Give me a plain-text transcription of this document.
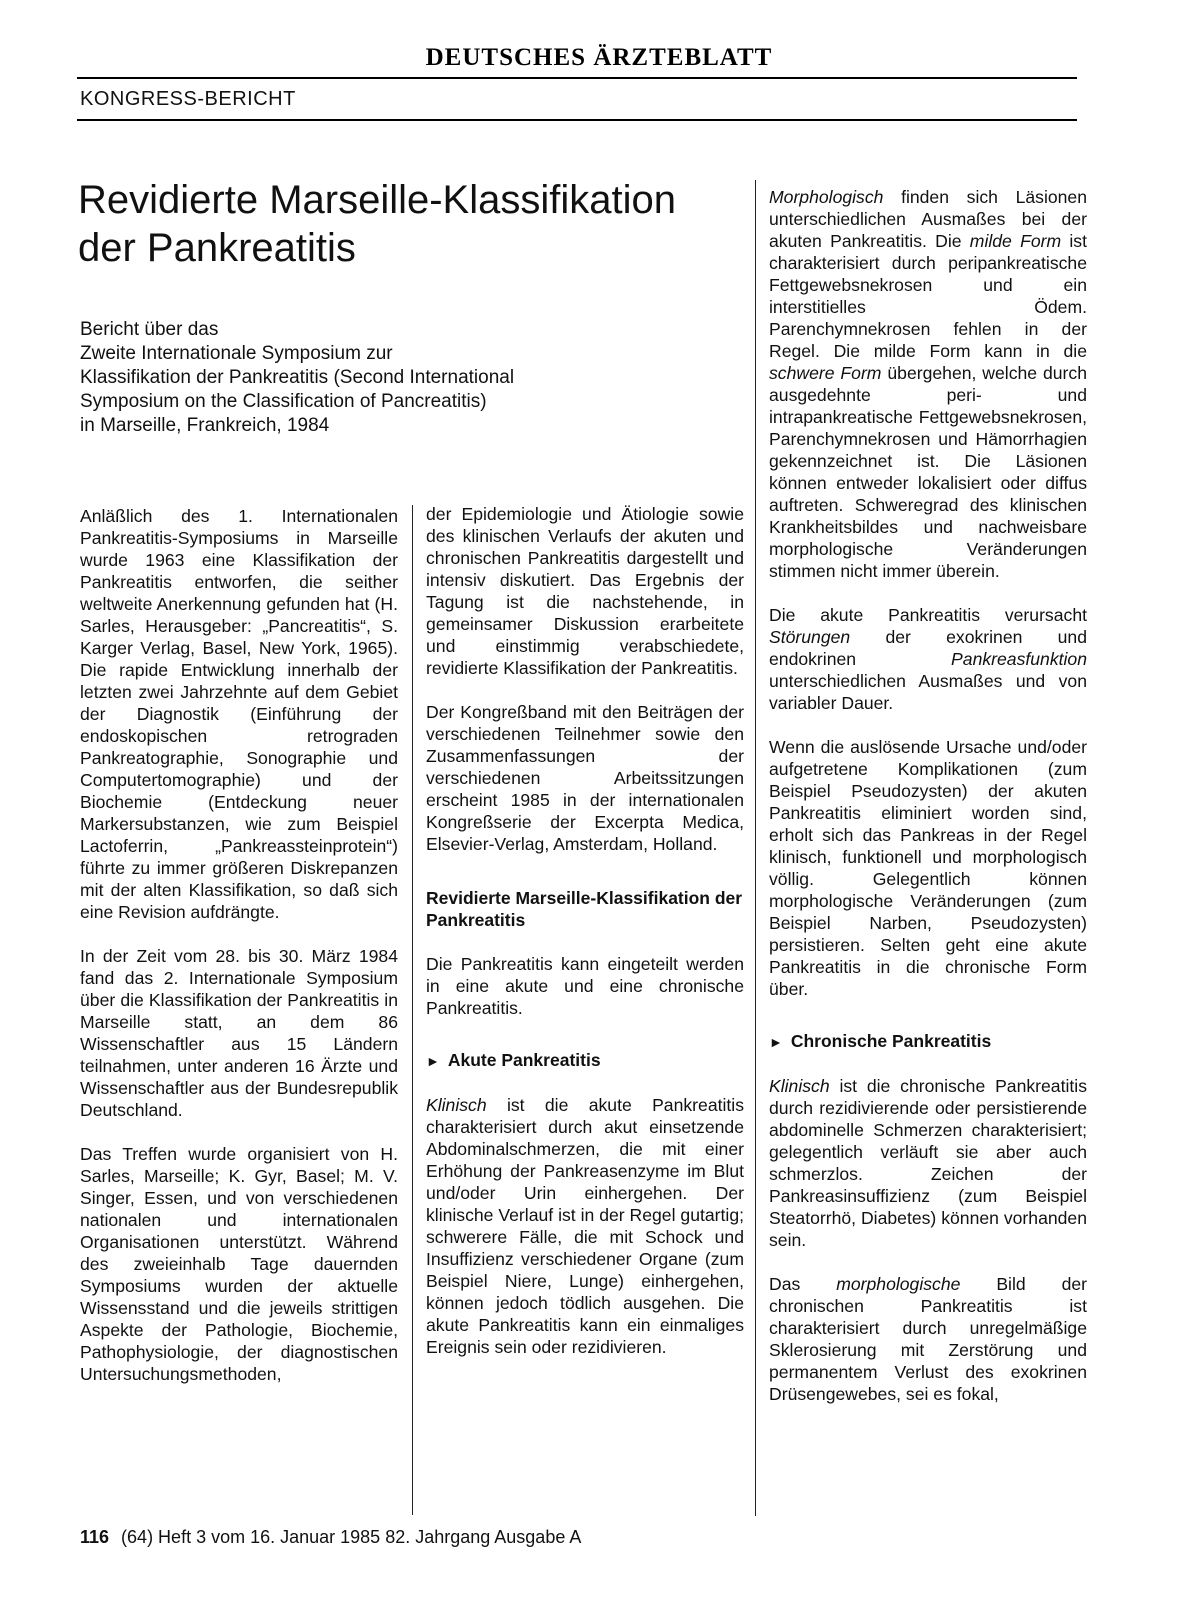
DEUTSCHES ÄRZTEBLATT
KONGRESS-BERICHT
Revidierte Marseille-Klassifikation
der Pankreatitis
Bericht über das
Zweite Internationale Symposium zur
Klassifikation der Pankreatitis (Second International
Symposium on the Classification of Pancreatitis)
in Marseille, Frankreich, 1984

Anläßlich des 1. Internationalen Pankreatitis-Symposiums in Marseille wurde 1963 eine Klassifikation der Pankreatitis entworfen, die seither weltweite Anerkennung gefunden hat (H. Sarles, Herausgeber: „Pancreatitis“, S. Karger Verlag, Basel, New York, 1965). Die rapide Entwicklung innerhalb der letzten zwei Jahrzehnte auf dem Gebiet der Diagnostik (Einführung der endoskopischen retrograden Pankreatographie, Sonographie und Computertomographie) und der Biochemie (Entdeckung neuer Markersubstanzen, wie zum Beispiel Lactoferrin, „Pankreassteinprotein“) führte zu immer größeren Diskrepanzen mit der alten Klassifikation, so daß sich eine Revision aufdrängte.

In der Zeit vom 28. bis 30. März 1984 fand das 2. Internationale Symposium über die Klassifikation der Pankreatitis in Marseille statt, an dem 86 Wissenschaftler aus 15 Ländern teilnahmen, unter anderen 16 Ärzte und Wissenschaftler aus der Bundesrepublik Deutschland.

Das Treffen wurde organisiert von H. Sarles, Marseille; K. Gyr, Basel; M. V. Singer, Essen, und von verschiedenen nationalen und internationalen Organisationen unterstützt. Während des zweieinhalb Tage dauernden Symposiums wurden der aktuelle Wissensstand und die jeweils strittigen Aspekte der Pathologie, Biochemie, Pathophysiologie, der diagnostischen Untersuchungsmethoden,

der Epidemiologie und Ätiologie sowie des klinischen Verlaufs der akuten und chronischen Pankreatitis dargestellt und intensiv diskutiert. Das Ergebnis der Tagung ist die nachstehende, in gemeinsamer Diskussion erarbeitete und einstimmig verabschiedete, revidierte Klassifikation der Pankreatitis.

Der Kongreßband mit den Beiträgen der verschiedenen Teilnehmer sowie den Zusammenfassungen der verschiedenen Arbeitssitzungen erscheint 1985 in der internationalen Kongreßserie der Excerpta Medica, Elsevier-Verlag, Amsterdam, Holland.

Revidierte Marseille-Klassifikation der Pankreatitis

Die Pankreatitis kann eingeteilt werden in eine akute und eine chronische Pankreatitis.

► Akute Pankreatitis

Klinisch ist die akute Pankreatitis charakterisiert durch akut einsetzende Abdominalschmerzen, die mit einer Erhöhung der Pankreasenzyme im Blut und/oder Urin einhergehen. Der klinische Verlauf ist in der Regel gutartig; schwerere Fälle, die mit Schock und Insuffizienz verschiedener Organe (zum Beispiel Niere, Lunge) einhergehen, können jedoch tödlich ausgehen. Die akute Pankreatitis kann ein einmaliges Ereignis sein oder rezidivieren.

Morphologisch finden sich Läsionen unterschiedlichen Ausmaßes bei der akuten Pankreatitis. Die milde Form ist charakterisiert durch peripankreatische Fettgewebsnekrosen und ein interstitielles Ödem. Parenchymnekrosen fehlen in der Regel. Die milde Form kann in die schwere Form übergehen, welche durch ausgedehnte peri- und intrapankreatische Fettgewebsnekrosen, Parenchymnekrosen und Hämorrhagien gekennzeichnet ist. Die Läsionen können entweder lokalisiert oder diffus auftreten. Schweregrad des klinischen Krankheitsbildes und nachweisbare morphologische Veränderungen stimmen nicht immer überein.

Die akute Pankreatitis verursacht Störungen der exokrinen und endokrinen Pankreasfunktion unterschiedlichen Ausmaßes und von variabler Dauer.

Wenn die auslösende Ursache und/oder aufgetretene Komplikationen (zum Beispiel Pseudozysten) der akuten Pankreatitis eliminiert worden sind, erholt sich das Pankreas in der Regel klinisch, funktionell und morphologisch völlig. Gelegentlich können morphologische Veränderungen (zum Beispiel Narben, Pseudozysten) persistieren. Selten geht eine akute Pankreatitis in die chronische Form über.

► Chronische Pankreatitis

Klinisch ist die chronische Pankreatitis durch rezidivierende oder persistierende abdominelle Schmerzen charakterisiert; gelegentlich verläuft sie aber auch schmerzlos. Zeichen der Pankreasinsuffizienz (zum Beispiel Steatorrhö, Diabetes) können vorhanden sein.

Das morphologische Bild der chronischen Pankreatitis ist charakterisiert durch unregelmäßige Sklerosierung mit Zerstörung und permanentem Verlust des exokrinen Drüsengewebes, sei es fokal,

116 (64) Heft 3 vom 16. Januar 1985 82. Jahrgang Ausgabe A
